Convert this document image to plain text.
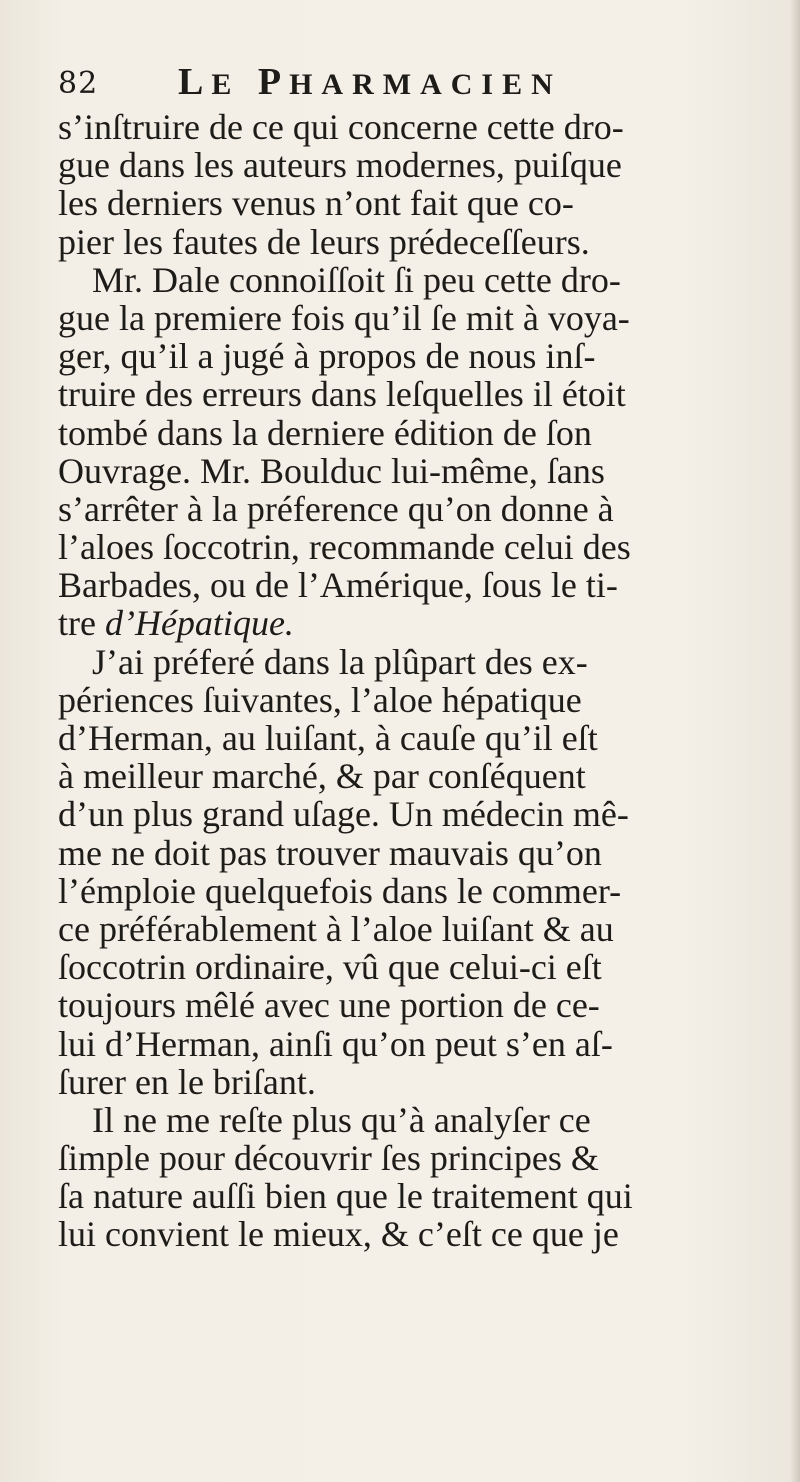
82 LE PHARMACIEN
s’inſtruire de ce qui concerne cette dro-
gue dans les auteurs modernes, puiſque
les derniers venus n’ont fait que co-
pier les fautes de leurs prédeceſſeurs.
Mr. Dale connoiſſoit ſi peu cette dro-
gue la premiere fois qu’il ſe mit à voya-
ger, qu’il a jugé à propos de nous inſ-
truire des erreurs dans leſquelles il étoit
tombé dans la derniere édition de ſon
Ouvrage. Mr. Boulduc lui-même, ſans
s’arrêter à la préference qu’on donne à
l’aloes ſoccotrin, recommande celui des
Barbades, ou de l’Amérique, ſous le ti-
tre d’Hépatique.
J’ai préferé dans la plûpart des ex-
périences ſuivantes, l’aloe hépatique
d’Herman, au luiſant, à cauſe qu’il eſt
à meilleur marché, & par conſéquent
d’un plus grand uſage. Un médecin mê-
me ne doit pas trouver mauvais qu’on
l’émploie quelquefois dans le commer-
ce préférablement à l’aloe luiſant & au
ſoccotrin ordinaire, vû que celui-ci eſt
toujours mêlé avec une portion de ce-
lui d’Herman, ainſi qu’on peut s’en aſ-
ſurer en le briſant.
Il ne me reſte plus qu’à analyſer ce
ſimple pour découvrir ſes principes &
ſa nature auſſi bien que le traitement qui
lui convient le mieux, & c’eſt ce que je
